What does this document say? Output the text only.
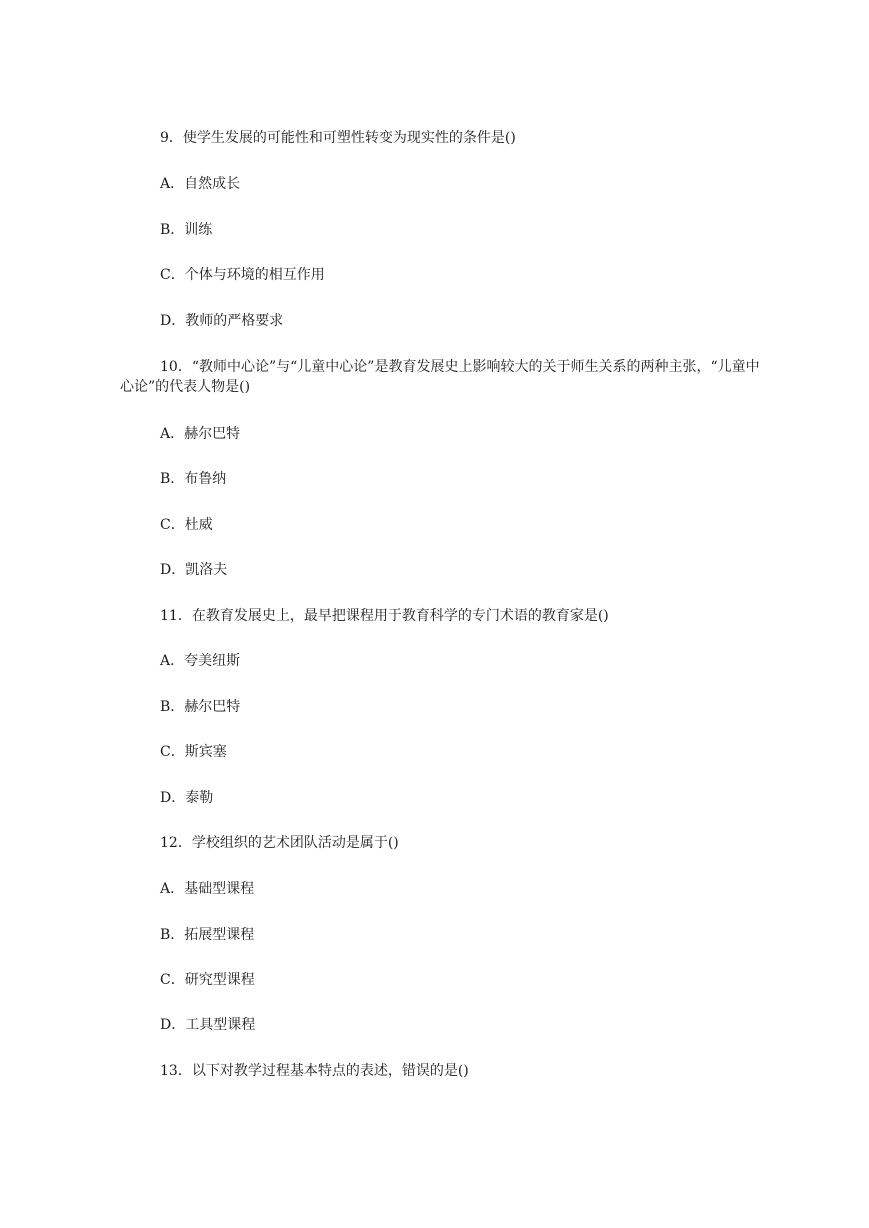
9．使学生发展的可能性和可塑性转变为现实性的条件是()
A．自然成长
B．训练
C．个体与环境的相互作用
D．教师的严格要求
10．“教师中心论”与“儿童中心论”是教育发展史上影响较大的关于师生关系的两种主张，“儿童中心论”的代表人物是()
A．赫尔巴特
B．布鲁纳
C．杜威
D．凯洛夫
11．在教育发展史上，最早把课程用于教育科学的专门术语的教育家是()
A．夸美纽斯
B．赫尔巴特
C．斯宾塞
D．泰勒
12．学校组织的艺术团队活动是属于()
A．基础型课程
B．拓展型课程
C．研究型课程
D．工具型课程
13．以下对教学过程基本特点的表述，错误的是()
